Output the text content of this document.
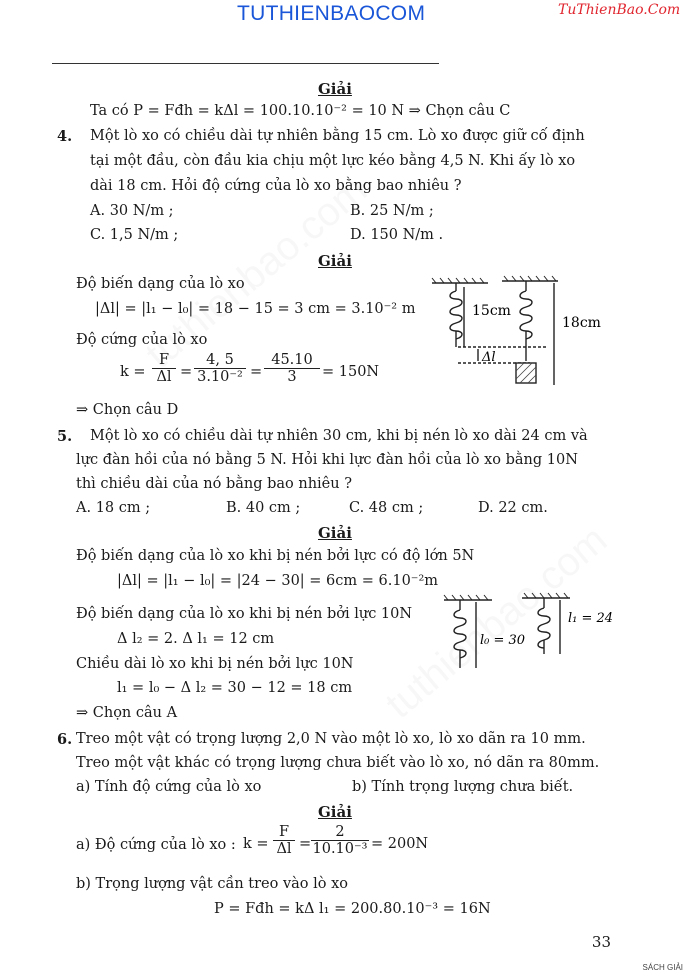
TUTHIENBAOCOM	TuThienBao.Com
Giải
Ta có P = Fđh = kΔl = 100.10.10⁻² = 10 N ⇒ Chọn câu C
4. Một lò xo có chiều dài tự nhiên bằng 15 cm. Lò xo được giữ cố định
tại một đầu, còn đầu kia chịu một lực kéo bằng 4,5 N. Khi ấy lò xo
dài 18 cm. Hỏi độ cứng của lò xo bằng bao nhiêu ?
A. 30 N/m ;	B. 25 N/m ;
C. 1,5 N/m ;	D. 150 N/m .
Giải
Độ biến dạng của lò xo
|Δl| = |l₁ − l₀| = 18 − 15 = 3 cm = 3.10⁻² m
Độ cứng của lò xo
⇒ Chọn câu D
5. Một lò xo có chiều dài tự nhiên 30 cm, khi bị nén lò xo dài 24 cm và
lực đàn hồi của nó bằng 5 N. Hỏi khi lực đàn hồi của lò xo bằng 10N
thì chiều dài của nó bằng bao nhiêu ?
A. 18 cm ;	B. 40 cm ;	C. 48 cm ;	D. 22 cm.
Giải
Độ biến dạng của lò xo khi bị nén bởi lực có độ lớn 5N
|Δl| = |l₁ − l₀| = |24 − 30| = 6cm = 6.10⁻²m
Độ biến dạng của lò xo khi bị nén bởi lực 10N
Δ l₂ = 2. Δ l₁ = 12 cm
Chiều dài lò xo khi bị nén bởi lực 10N
l₁ = l₀ − Δ l₂ = 30 − 12 = 18 cm
⇒ Chọn câu A
6. Treo một vật có trọng lượng 2,0 N vào một lò xo, lò xo dãn ra 10 mm.
Treo một vật khác có trọng lượng chưa biết vào lò xo, nó dãn ra 80mm.
a) Tính độ cứng của lò xo	b) Tính trọng lượng chưa biết.
Giải
a) Độ cứng của lò xo :
b) Trọng lượng vật cần treo vào lò xo
P = Fđh = kΔ l₁ = 200.80.10⁻³ = 16N
$k = \frac{F}{\Delta l} = \frac{4, 5}{\text{3.10⁻²}} = \frac{45.10}{3} = 150N$
$k = \frac{F}{\Delta l} = \frac{2}{\text{10.10⁻³}} = 200N$
15cm
18cm
Δl
l₀ = 30
l₁ = 24
33
SÁCH GIẢI
